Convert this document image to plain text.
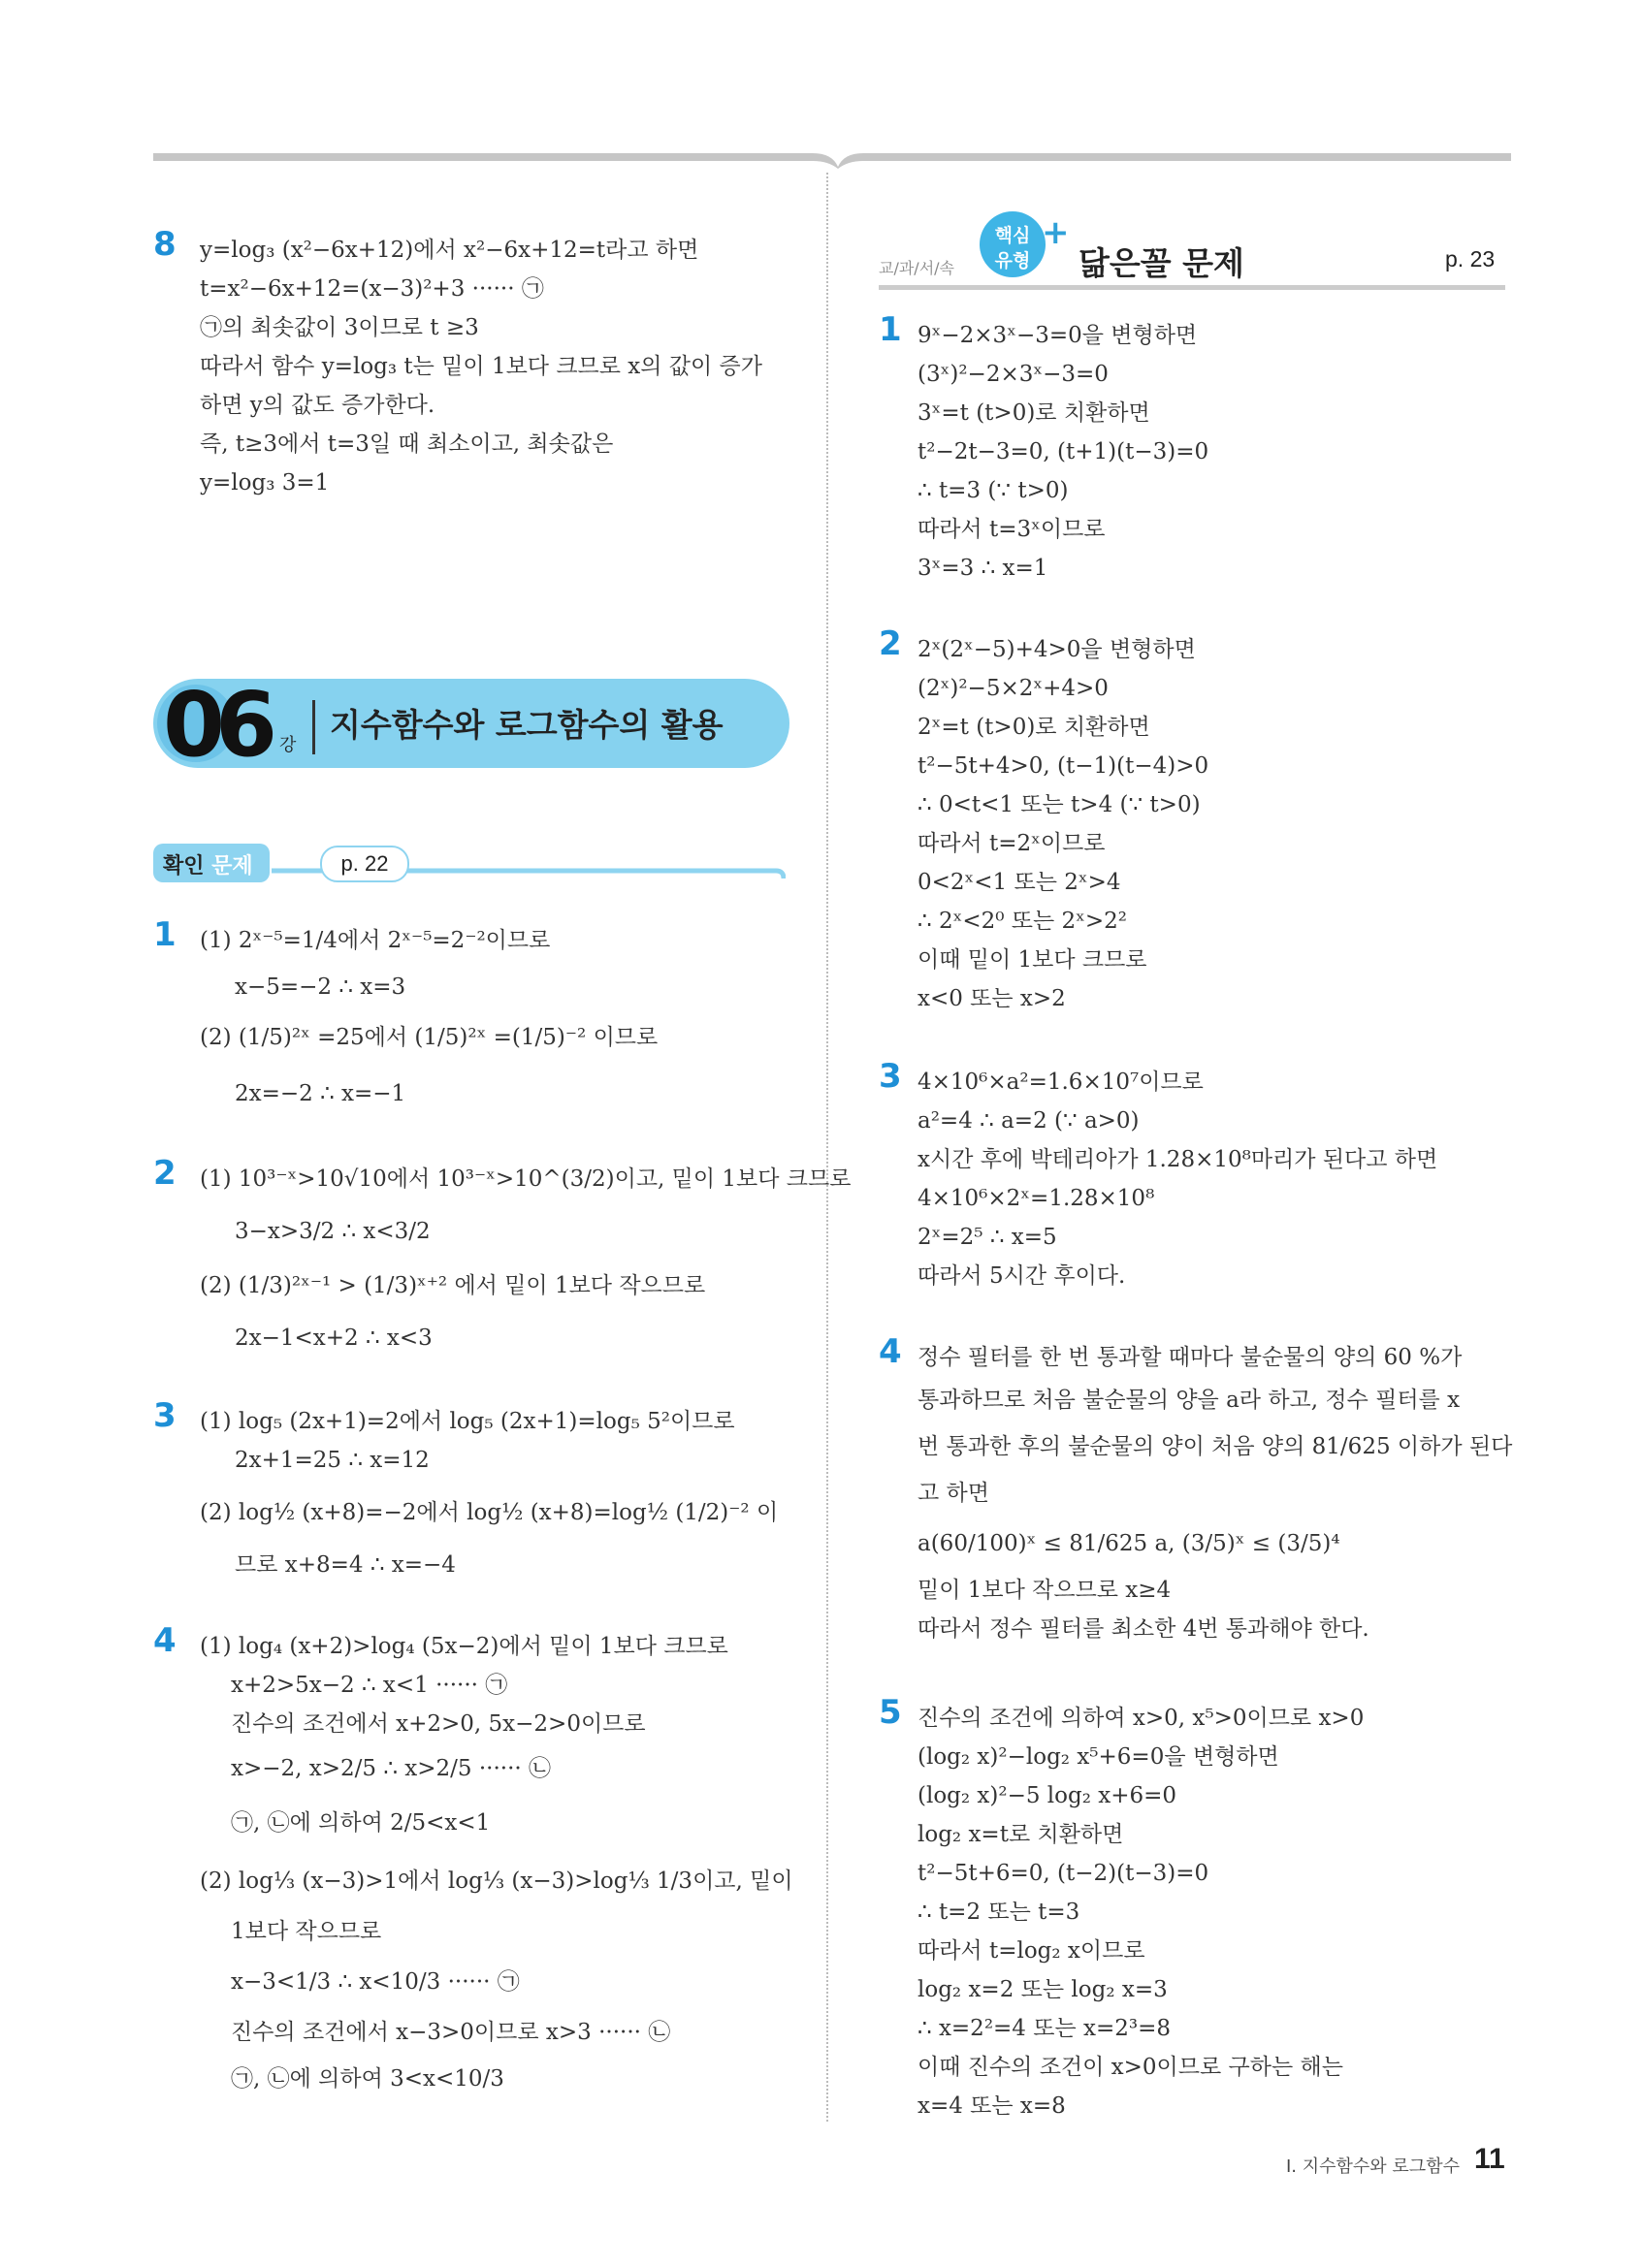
8 y=log₃ (x²−6x+12)에서 x²−6x+12=t라고 하면
t=x²−6x+12=(x−3)²+3 ······ ㉠
㉠의 최솟값이 3이므로 t ≥3
따라서 함수 y=log₃ t는 밑이 1보다 크므로 x의 값이 증가
하면 y의 값도 증가한다.
즉, t≥3에서 t=3일 때 최소이고, 최솟값은
y=log₃ 3=1
06 강
지수함수와 로그함수의 활용
확인 문제	p. 22
1 (1) 2ˣ⁻⁵=1/4에서 2ˣ⁻⁵=2⁻²이므로
x−5=−2 ∴ x=3
(2) (1/5)²ˣ =25에서 (1/5)²ˣ =(1/5)⁻² 이므로
2x=−2 ∴ x=−1
2 (1) 10³⁻ˣ>10√10에서 10³⁻ˣ>10^(3/2)이고, 밑이 1보다 크므로
3−x>3/2 ∴ x<3/2
(2) (1/3)²ˣ⁻¹ > (1/3)ˣ⁺² 에서 밑이 1보다 작으므로
2x−1<x+2 ∴ x<3
3 (1) log₅ (2x+1)=2에서 log₅ (2x+1)=log₅ 5²이므로
2x+1=25 ∴ x=12
(2) log½ (x+8)=−2에서 log½ (x+8)=log½ (1/2)⁻² 이
므로 x+8=4 ∴ x=−4
4 (1) log₄ (x+2)>log₄ (5x−2)에서 밑이 1보다 크므로
x+2>5x−2 ∴ x<1 ······ ㉠
진수의 조건에서 x+2>0, 5x−2>0이므로
x>−2, x>2/5 ∴ x>2/5 ······ ㉡
㉠, ㉡에 의하여 2/5<x<1
(2) log⅓ (x−3)>1에서 log⅓ (x−3)>log⅓ 1/3이고, 밑이
1보다 작으므로
x−3<1/3 ∴ x<10/3 ······ ㉠
진수의 조건에서 x−3>0이므로 x>3 ······ ㉡
㉠, ㉡에 의하여 3<x<10/3
교/과/서/속
핵심
유형
+
닮은꼴 문제	p. 23
1 9ˣ−2×3ˣ−3=0을 변형하면
(3ˣ)²−2×3ˣ−3=0
3ˣ=t (t>0)로 치환하면
t²−2t−3=0, (t+1)(t−3)=0
∴ t=3 (∵ t>0)
따라서 t=3ˣ이므로
3ˣ=3 ∴ x=1
2 2ˣ(2ˣ−5)+4>0을 변형하면
(2ˣ)²−5×2ˣ+4>0
2ˣ=t (t>0)로 치환하면
t²−5t+4>0, (t−1)(t−4)>0
∴ 0<t<1 또는 t>4 (∵ t>0)
따라서 t=2ˣ이므로
0<2ˣ<1 또는 2ˣ>4
∴ 2ˣ<2⁰ 또는 2ˣ>2²
이때 밑이 1보다 크므로
x<0 또는 x>2
3 4×10⁶×a²=1.6×10⁷이므로
a²=4 ∴ a=2 (∵ a>0)
x시간 후에 박테리아가 1.28×10⁸마리가 된다고 하면
4×10⁶×2ˣ=1.28×10⁸
2ˣ=2⁵ ∴ x=5
따라서 5시간 후이다.
4 정수 필터를 한 번 통과할 때마다 불순물의 양의 60 %가
통과하므로 처음 불순물의 양을 a라 하고, 정수 필터를 x
번 통과한 후의 불순물의 양이 처음 양의 81/625 이하가 된다
고 하면
a(60/100)ˣ ≤ 81/625 a, (3/5)ˣ ≤ (3/5)⁴
밑이 1보다 작으므로 x≥4
따라서 정수 필터를 최소한 4번 통과해야 한다.
5 진수의 조건에 의하여 x>0, x⁵>0이므로 x>0
(log₂ x)²−log₂ x⁵+6=0을 변형하면
(log₂ x)²−5 log₂ x+6=0
log₂ x=t로 치환하면
t²−5t+6=0, (t−2)(t−3)=0
∴ t=2 또는 t=3
따라서 t=log₂ x이므로
log₂ x=2 또는 log₂ x=3
∴ x=2²=4 또는 x=2³=8
이때 진수의 조건이 x>0이므로 구하는 해는
x=4 또는 x=8
I. 지수함수와 로그함수 11
